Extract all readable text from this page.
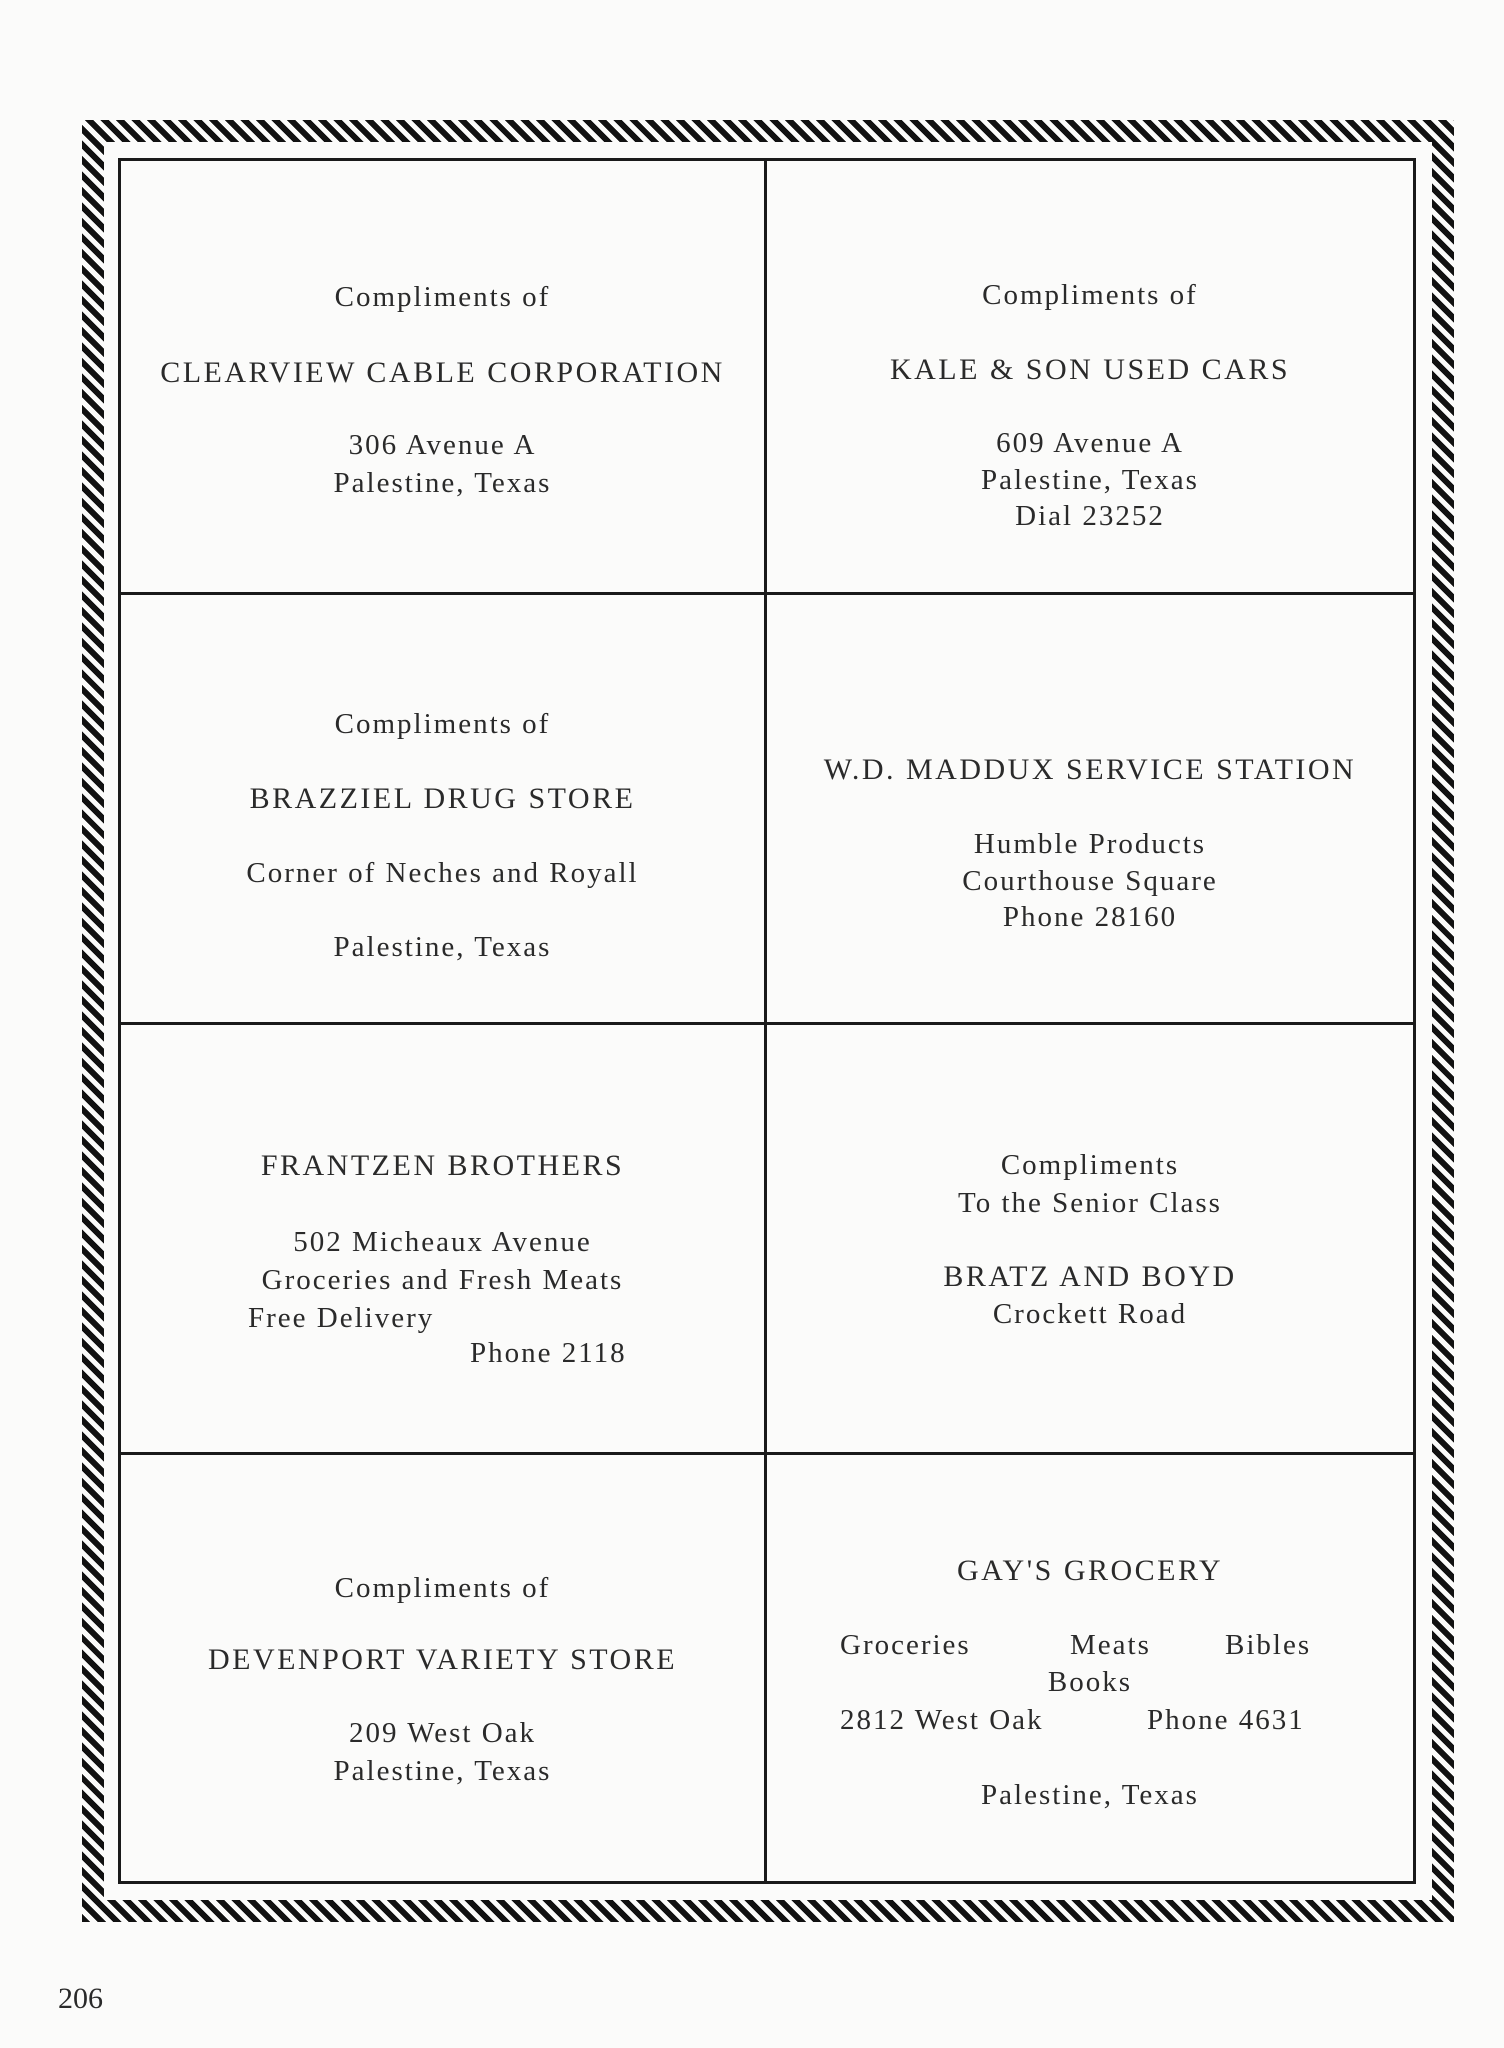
Compliments of
CLEARVIEW CABLE CORPORATION
306 Avenue A
Palestine, Texas
Compliments of
KALE & SON USED CARS
609 Avenue A
Palestine, Texas
Dial 23252
Compliments of
BRAZZIEL DRUG STORE
Corner of Neches and Royall
Palestine, Texas
W.D. MADDUX SERVICE STATION
Humble Products
Courthouse Square
Phone 28160
FRANTZEN BROTHERS
502 Micheaux Avenue
Groceries and Fresh Meats
Free Delivery
Phone 2118
Compliments
To the Senior Class
BRATZ AND BOYD
Crockett Road
Compliments of
DEVENPORT VARIETY STORE
209 West Oak
Palestine, Texas
GAY'S GROCERY
Groceries	Meats	Bibles
Books
2812 West Oak	Phone 4631
Palestine, Texas
206
